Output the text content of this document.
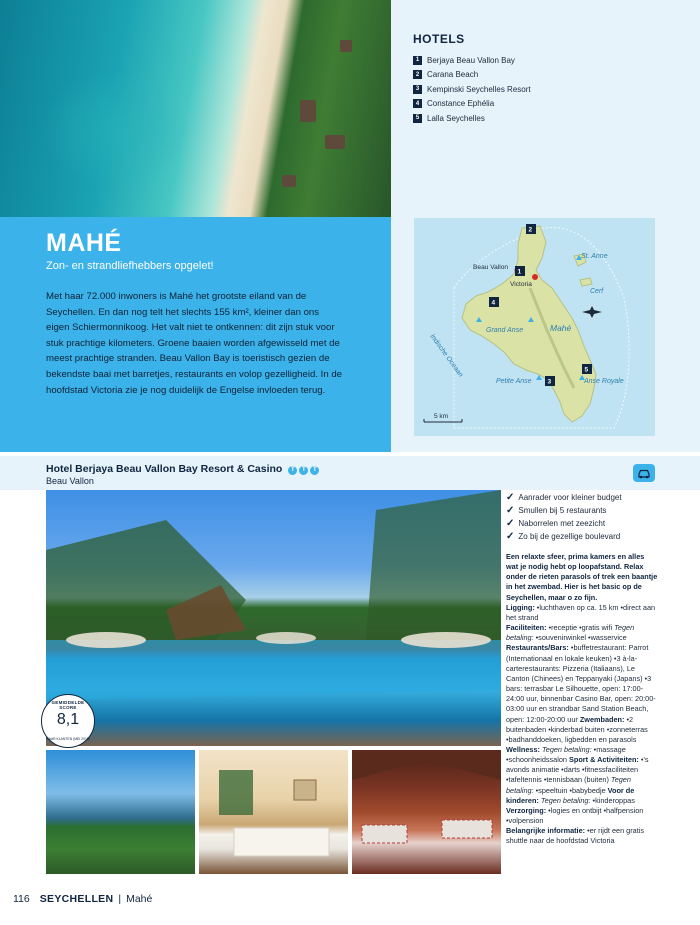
HOTELS
1 Berjaya Beau Vallon Bay
2 Carana Beach
3 Kempinski Seychelles Resort
4 Constance Ephélia
5 Lalla Seychelles
MAHÉ
Zon- en strandliefhebbers opgelet!

Met haar 72.000 inwoners is Mahé het grootste eiland van de Seychellen. En dan nog telt het slechts 155 km², kleiner dan ons eigen Schiermonnikoog. Het valt niet te ontkennen: dit zijn stuk voor stuk prachtige kilometers. Groene baaien worden afgewisseld met de meest prachtige stranden. Beau Vallon Bay is toeristisch gezien de bekendste baai met barretjes, restaurants en volop gezelligheid. In de hoofdstad Victoria zie je nog duidelijk de Engelse invloeden terug.

Beau Vallon
Victoria
St. Anne
Cerf
Grand Anse	Mahé
Indische Oceaan
Petite Anse	Anse Royale
5 km
1
2
3
4
5
Hotel Berjaya Beau Vallon Bay Resort & Casino	T T T
Beau Vallon
GEMIDDELDE SCORE
8,1
NAAR KLANTEN (MEI 2019)
✓ Aanrader voor kleiner budget
✓ Smullen bij 5 restaurants
✓ Naborrelen met zeezicht
✓ Zo bij de gezellige boulevard
Een relaxte sfeer, prima kamers en alles wat je nodig hebt op loopafstand. Relax onder de rieten parasols of trek een baantje in het zwembad. Hier is het basic op de Seychellen, maar o zo fijn.
Ligging: •luchthaven op ca. 15 km •direct aan het strand
Faciliteiten: •receptie •gratis wifi Tegen betaling: •souvenirwinkel •wasservice
Restaurants/Bars: •buffetrestaurant: Parrot (Internationaal en lokale keuken) •3 à-la-carterestaurants: Pizzeria (Italiaans), Le Canton (Chinees) en Teppanyaki (Japans) •3 bars: terrasbar Le Silhouette, open: 17:00-24:00 uur, binnenbar Casino Bar, open: 20:00-03:00 uur en strandbar Sand Station Beach, open: 12:00-20:00 uur Zwembaden: •2 buitenbaden •kinderbad buiten •zonneterras •badhanddoeken, ligbedden en parasols Wellness: Tegen betaling: •massage •schoonheidssalon Sport & Activiteiten: •'s avonds animatie •darts •fitnessfaciliteiten •tafeltennis •tennisbaan (buiten) Tegen betaling: •speeltuin •babybedje Voor de kinderen: Tegen betaling: •kinderoppas
Verzorging: •logies en ontbijt •halfpension •volpension
Belangrijke informatie: •er rijdt een gratis shuttle naar de hoofdstad Victoria
116 SEYCHELLEN | Mahé
